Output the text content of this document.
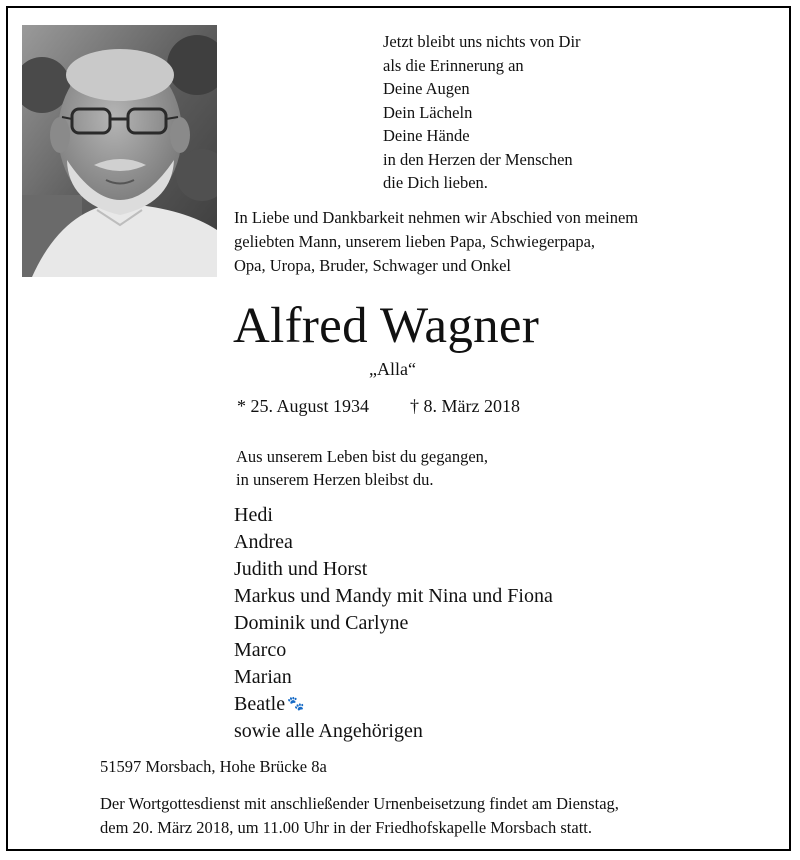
Jetzt bleibt uns nichts von Dir
als die Erinnerung an
Deine Augen
Dein Lächeln
Deine Hände
in den Herzen der Menschen
die Dich lieben.
In Liebe und Dankbarkeit nehmen wir Abschied von meinem
geliebten Mann, unserem lieben Papa, Schwiegerpapa,
Opa, Uropa, Bruder, Schwager und Onkel
Alfred Wagner
„Alla“
* 25. August 1934 † 8. März 2018
Aus unserem Leben bist du gegangen,
in unserem Herzen bleibst du.
Hedi
Andrea
Judith und Horst
Markus und Mandy mit Nina und Fiona
Dominik und Carlyne
Marco
Marian
Beatle 🐾
sowie alle Angehörigen
51597 Morsbach, Hohe Brücke 8a
Der Wortgottesdienst mit anschließender Urnenbeisetzung findet am Dienstag,
dem 20. März 2018, um 11.00 Uhr in der Friedhofskapelle Morsbach statt.
